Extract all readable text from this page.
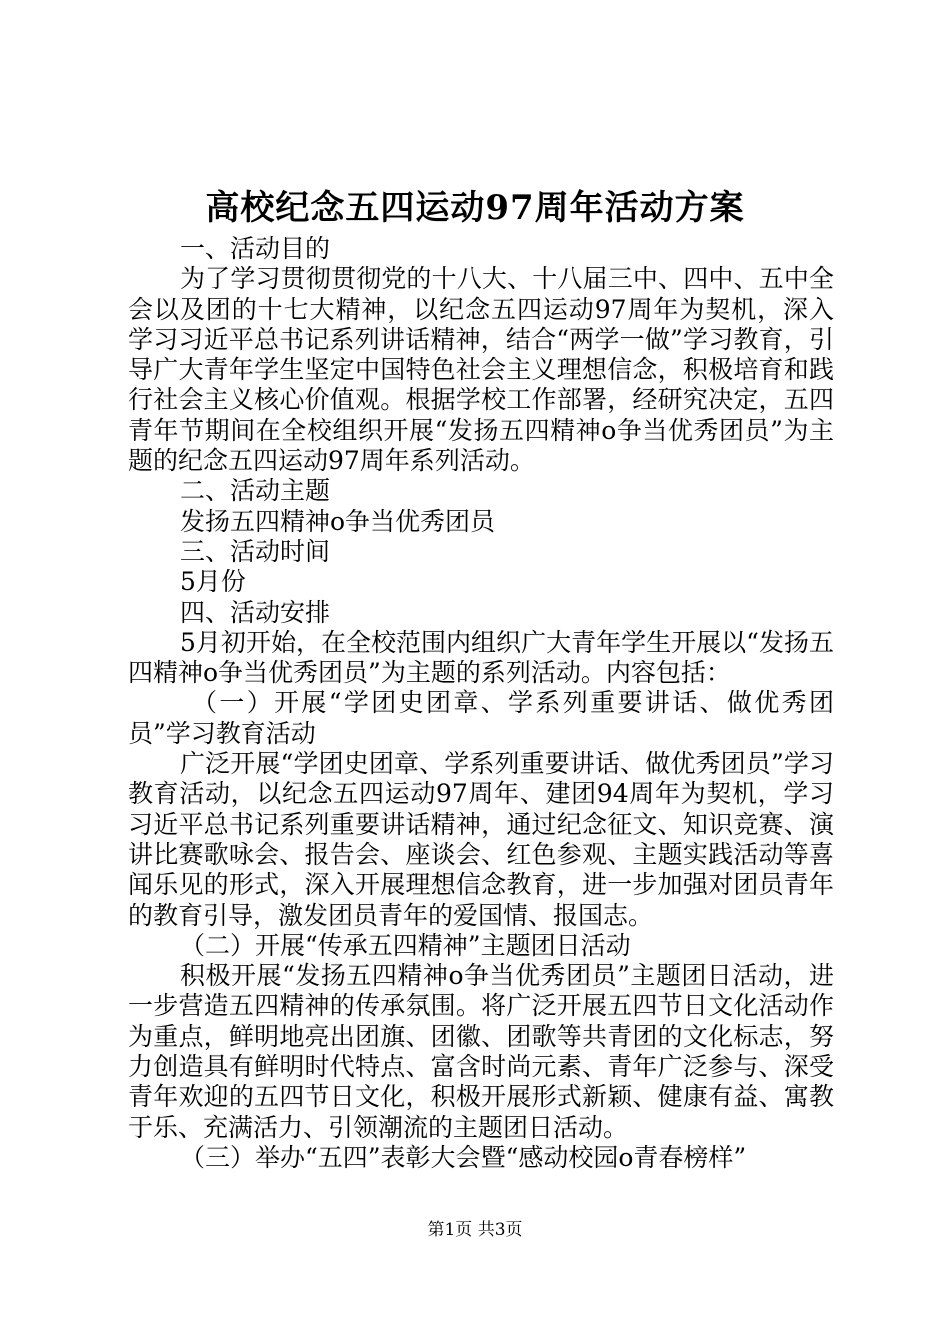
高校纪念五四运动97周年活动方案

一、活动目的

为了学习贯彻贯彻党的十八大、十八届三中、四中、五中全会以及团的十七大精神，以纪念五四运动97周年为契机，深入学习习近平总书记系列讲话精神，结合“两学一做”学习教育，引导广大青年学生坚定中国特色社会主义理想信念，积极培育和践行社会主义核心价值观。根据学校工作部署，经研究决定，五四青年节期间在全校组织开展“发扬五四精神o争当优秀团员”为主题的纪念五四运动97周年系列活动。

二、活动主题

发扬五四精神o争当优秀团员

三、活动时间

5月份

四、活动安排

5月初开始，在全校范围内组织广大青年学生开展以“发扬五四精神o争当优秀团员”为主题的系列活动。内容包括：

（一）开展“学团史团章、学系列重要讲话、做优秀团员”学习教育活动

广泛开展“学团史团章、学系列重要讲话、做优秀团员”学习教育活动，以纪念五四运动97周年、建团94周年为契机，学习习近平总书记系列重要讲话精神，通过纪念征文、知识竞赛、演讲比赛歌咏会、报告会、座谈会、红色参观、主题实践活动等喜闻乐见的形式，深入开展理想信念教育，进一步加强对团员青年的教育引导，激发团员青年的爱国情、报国志。

（二）开展“传承五四精神”主题团日活动

积极开展“发扬五四精神o争当优秀团员”主题团日活动，进一步营造五四精神的传承氛围。将广泛开展五四节日文化活动作为重点，鲜明地亮出团旗、团徽、团歌等共青团的文化标志，努力创造具有鲜明时代特点、富含时尚元素、青年广泛参与、深受青年欢迎的五四节日文化，积极开展形式新颖、健康有益、寓教于乐、充满活力、引领潮流的主题团日活动。

（三）举办“五四”表彰大会暨“感动校园o青春榜样”

第1页 共3页
